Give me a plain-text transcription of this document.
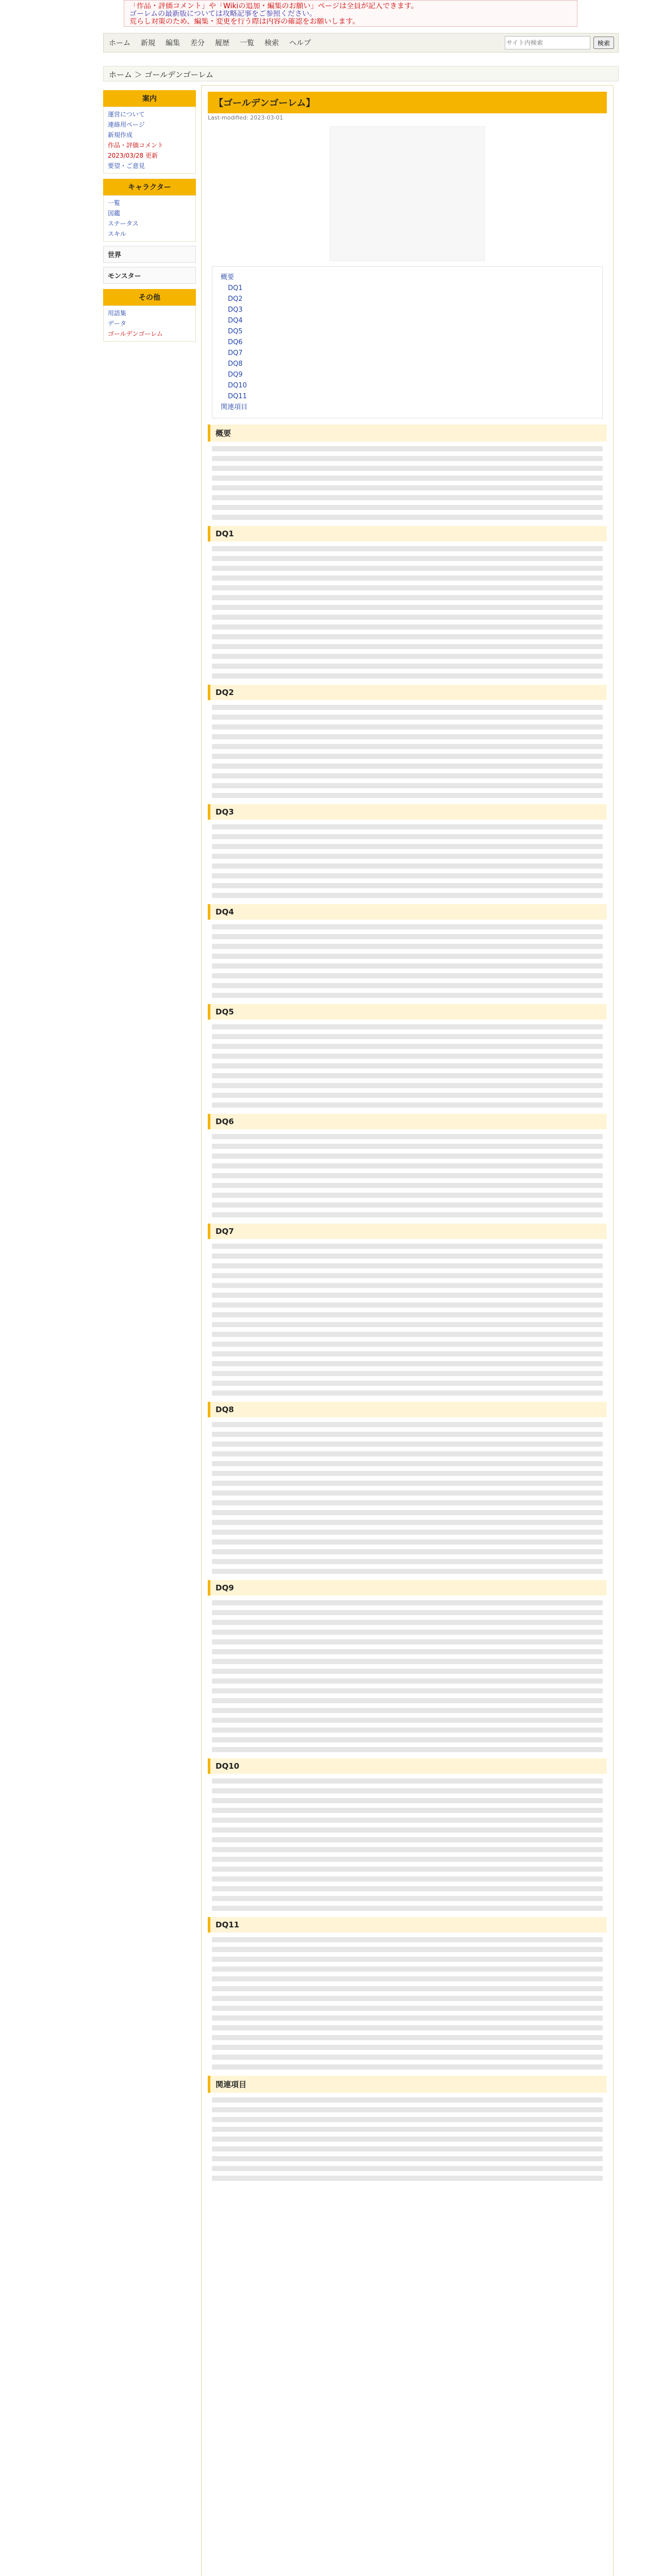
「作品・評価コメント」や「Wikiの追加・編集のお願い」ページは全員が記入できます。
ゴーレムの最新版については攻略記事をご参照ください。
荒らし対策のため、編集・変更を行う際は内容の確認をお願いします。
ホーム	新規	編集	差分	履歴	一覧	検索	ヘルプ
サイト内検索	検索
ホーム ＞ ゴールデンゴーレム
案内
運営について
連絡用ページ
新規作成
作品・評価コメント
2023/03/28 更新
要望・ご意見
キャラクター
一覧
図鑑
ステータス
スキル
世界
モンスター
その他
用語集
データ
ゴールデンゴーレム
【ゴールデンゴーレム】
Last-modified: 2023-03-01
概要
DQ1
DQ2
DQ3
DQ4
DQ5
DQ6
DQ7
DQ8
DQ9
DQ10
DQ11
関連項目
概要
DQ1
DQ2
DQ3
DQ4
DQ5
DQ6
DQ7
DQ8
DQ9
DQ10
DQ11
関連項目
